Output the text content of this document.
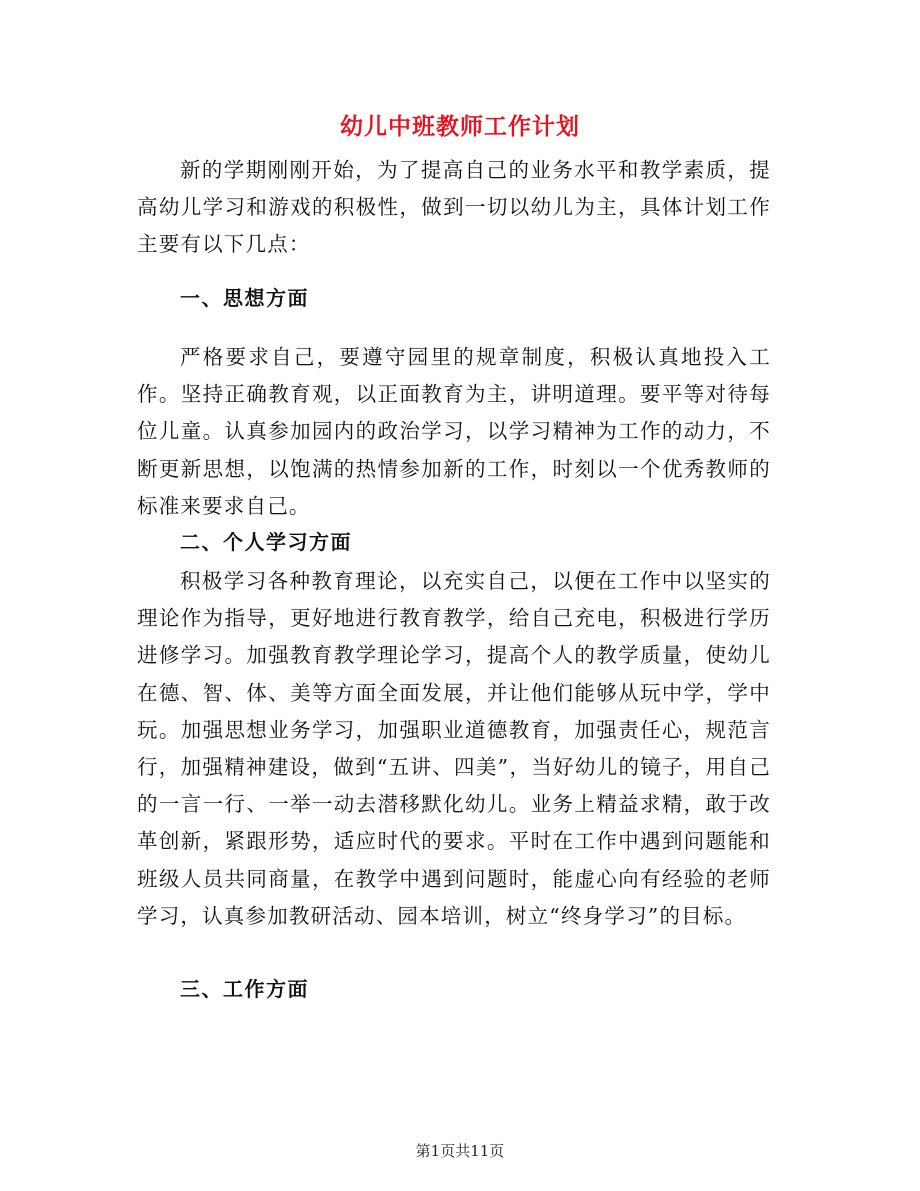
幼儿中班教师工作计划

新的学期刚刚开始，为了提高自己的业务水平和教学素质，提高幼儿学习和游戏的积极性，做到一切以幼儿为主，具体计划工作主要有以下几点：

一、思想方面

严格要求自己，要遵守园里的规章制度，积极认真地投入工作。坚持正确教育观，以正面教育为主，讲明道理。要平等对待每位儿童。认真参加园内的政治学习，以学习精神为工作的动力，不断更新思想，以饱满的热情参加新的工作，时刻以一个优秀教师的标准来要求自己。

二、个人学习方面

积极学习各种教育理论，以充实自己，以便在工作中以坚实的理论作为指导，更好地进行教育教学，给自己充电，积极进行学历进修学习。加强教育教学理论学习，提高个人的教学质量，使幼儿在德、智、体、美等方面全面发展，并让他们能够从玩中学，学中玩。加强思想业务学习，加强职业道德教育，加强责任心，规范言行，加强精神建设，做到“五讲、四美”，当好幼儿的镜子，用自己的一言一行、一举一动去潜移默化幼儿。业务上精益求精，敢于改革创新，紧跟形势，适应时代的要求。平时在工作中遇到问题能和班级人员共同商量，在教学中遇到问题时，能虚心向有经验的老师学习，认真参加教研活动、园本培训，树立“终身学习”的目标。

三、工作方面
第1页共11页
